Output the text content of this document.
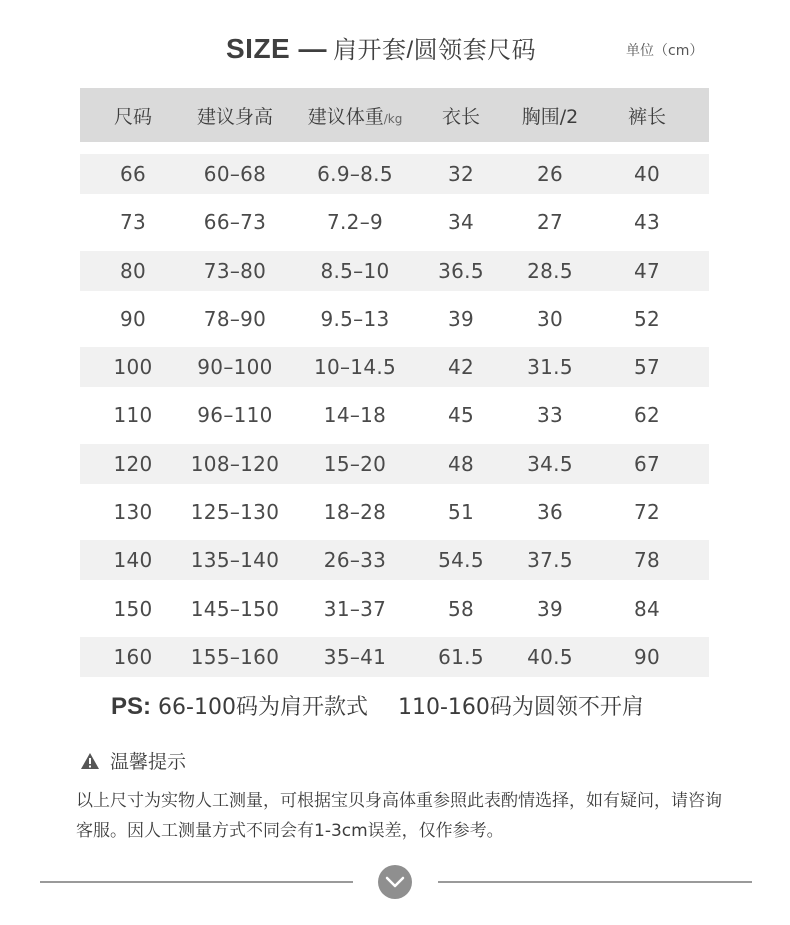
SIZE — 肩开套/圆领套尺码	单位（cm）
尺码	建议身高	建议体重/kg	衣长	胸围/2	裤长
66	60–68	6.9–8.5	32	26	40
73	66–73	7.2–9	34	27	43
80	73–80	8.5–10	36.5	28.5	47
90	78–90	9.5–13	39	30	52
100	90–100	10–14.5	42	31.5	57
110	96–110	14–18	45	33	62
120	108–120	15–20	48	34.5	67
130	125–130	18–28	51	36	72
140	135–140	26–33	54.5	37.5	78
150	145–150	31–37	58	39	84
160	155–160	35–41	61.5	40.5	90
PS: 66-100码为肩开款式 110-160码为圆领不开肩
温馨提示
以上尺寸为实物人工测量，可根据宝贝身高体重参照此表酌情选择，如有疑问，请咨询客服。因人工测量方式不同会有1-3cm误差，仅作参考。
